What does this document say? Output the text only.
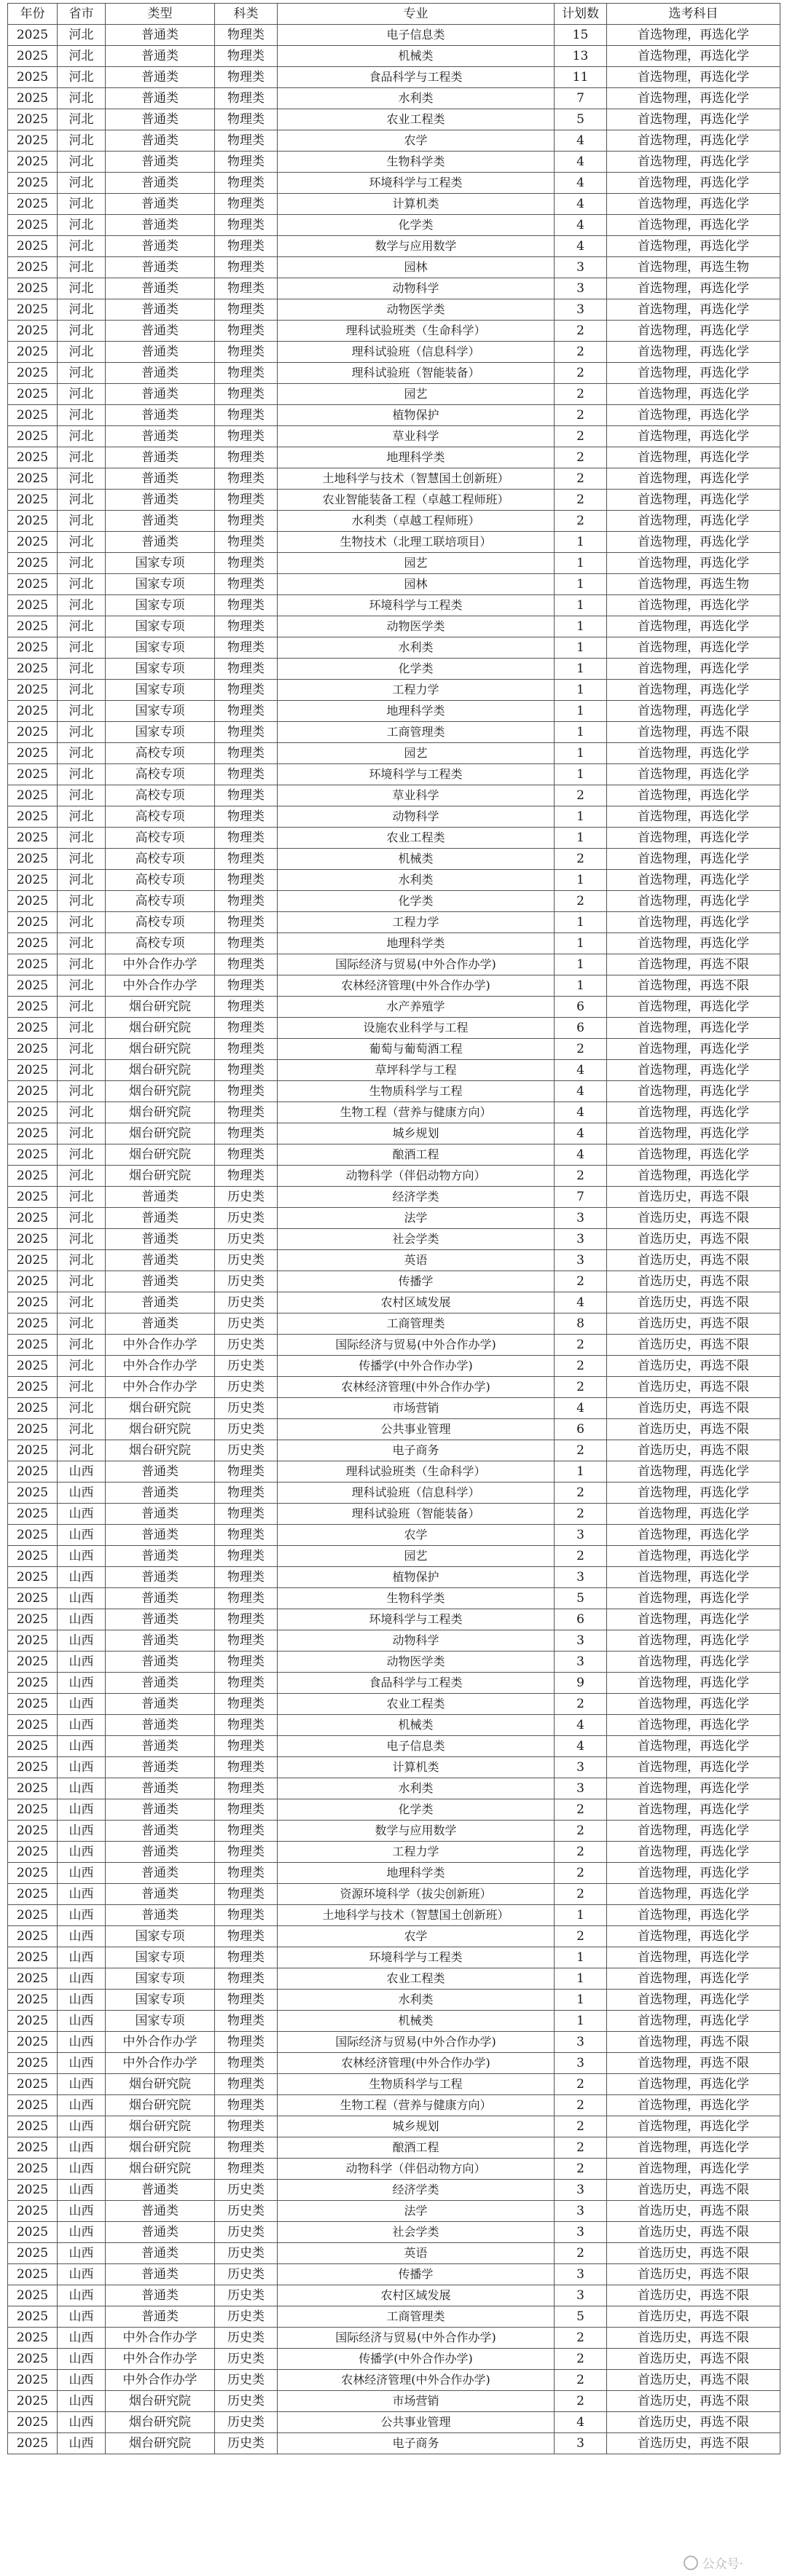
年份	省市	类型	科类	专业	计划数	选考科目
2025	河北	普通类	物理类	电子信息类	15	首选物理，再选化学
2025	河北	普通类	物理类	机械类	13	首选物理，再选化学
2025	河北	普通类	物理类	食品科学与工程类	11	首选物理，再选化学
2025	河北	普通类	物理类	水利类	7	首选物理，再选化学
2025	河北	普通类	物理类	农业工程类	5	首选物理，再选化学
2025	河北	普通类	物理类	农学	4	首选物理，再选化学
2025	河北	普通类	物理类	生物科学类	4	首选物理，再选化学
2025	河北	普通类	物理类	环境科学与工程类	4	首选物理，再选化学
2025	河北	普通类	物理类	计算机类	4	首选物理，再选化学
2025	河北	普通类	物理类	化学类	4	首选物理，再选化学
2025	河北	普通类	物理类	数学与应用数学	4	首选物理，再选化学
2025	河北	普通类	物理类	园林	3	首选物理，再选生物
2025	河北	普通类	物理类	动物科学	3	首选物理，再选化学
2025	河北	普通类	物理类	动物医学类	3	首选物理，再选化学
2025	河北	普通类	物理类	理科试验班类（生命科学）	2	首选物理，再选化学
2025	河北	普通类	物理类	理科试验班（信息科学）	2	首选物理，再选化学
2025	河北	普通类	物理类	理科试验班（智能装备）	2	首选物理，再选化学
2025	河北	普通类	物理类	园艺	2	首选物理，再选化学
2025	河北	普通类	物理类	植物保护	2	首选物理，再选化学
2025	河北	普通类	物理类	草业科学	2	首选物理，再选化学
2025	河北	普通类	物理类	地理科学类	2	首选物理，再选化学
2025	河北	普通类	物理类	土地科学与技术（智慧国土创新班）	2	首选物理，再选化学
2025	河北	普通类	物理类	农业智能装备工程（卓越工程师班）	2	首选物理，再选化学
2025	河北	普通类	物理类	水利类（卓越工程师班）	2	首选物理，再选化学
2025	河北	普通类	物理类	生物技术（北理工联培项目）	1	首选物理，再选化学
2025	河北	国家专项	物理类	园艺	1	首选物理，再选化学
2025	河北	国家专项	物理类	园林	1	首选物理，再选生物
2025	河北	国家专项	物理类	环境科学与工程类	1	首选物理，再选化学
2025	河北	国家专项	物理类	动物医学类	1	首选物理，再选化学
2025	河北	国家专项	物理类	水利类	1	首选物理，再选化学
2025	河北	国家专项	物理类	化学类	1	首选物理，再选化学
2025	河北	国家专项	物理类	工程力学	1	首选物理，再选化学
2025	河北	国家专项	物理类	地理科学类	1	首选物理，再选化学
2025	河北	国家专项	物理类	工商管理类	1	首选物理，再选不限
2025	河北	高校专项	物理类	园艺	1	首选物理，再选化学
2025	河北	高校专项	物理类	环境科学与工程类	1	首选物理，再选化学
2025	河北	高校专项	物理类	草业科学	2	首选物理，再选化学
2025	河北	高校专项	物理类	动物科学	1	首选物理，再选化学
2025	河北	高校专项	物理类	农业工程类	1	首选物理，再选化学
2025	河北	高校专项	物理类	机械类	2	首选物理，再选化学
2025	河北	高校专项	物理类	水利类	1	首选物理，再选化学
2025	河北	高校专项	物理类	化学类	2	首选物理，再选化学
2025	河北	高校专项	物理类	工程力学	1	首选物理，再选化学
2025	河北	高校专项	物理类	地理科学类	1	首选物理，再选化学
2025	河北	中外合作办学	物理类	国际经济与贸易(中外合作办学)	1	首选物理，再选不限
2025	河北	中外合作办学	物理类	农林经济管理(中外合作办学)	1	首选物理，再选不限
2025	河北	烟台研究院	物理类	水产养殖学	6	首选物理，再选化学
2025	河北	烟台研究院	物理类	设施农业科学与工程	6	首选物理，再选化学
2025	河北	烟台研究院	物理类	葡萄与葡萄酒工程	2	首选物理，再选化学
2025	河北	烟台研究院	物理类	草坪科学与工程	4	首选物理，再选化学
2025	河北	烟台研究院	物理类	生物质科学与工程	4	首选物理，再选化学
2025	河北	烟台研究院	物理类	生物工程（营养与健康方向）	4	首选物理，再选化学
2025	河北	烟台研究院	物理类	城乡规划	4	首选物理，再选化学
2025	河北	烟台研究院	物理类	酿酒工程	4	首选物理，再选化学
2025	河北	烟台研究院	物理类	动物科学（伴侣动物方向）	2	首选物理，再选化学
2025	河北	普通类	历史类	经济学类	7	首选历史，再选不限
2025	河北	普通类	历史类	法学	3	首选历史，再选不限
2025	河北	普通类	历史类	社会学类	3	首选历史，再选不限
2025	河北	普通类	历史类	英语	3	首选历史，再选不限
2025	河北	普通类	历史类	传播学	2	首选历史，再选不限
2025	河北	普通类	历史类	农村区域发展	4	首选历史，再选不限
2025	河北	普通类	历史类	工商管理类	8	首选历史，再选不限
2025	河北	中外合作办学	历史类	国际经济与贸易(中外合作办学)	2	首选历史，再选不限
2025	河北	中外合作办学	历史类	传播学(中外合作办学)	2	首选历史，再选不限
2025	河北	中外合作办学	历史类	农林经济管理(中外合作办学)	2	首选历史，再选不限
2025	河北	烟台研究院	历史类	市场营销	4	首选历史，再选不限
2025	河北	烟台研究院	历史类	公共事业管理	6	首选历史，再选不限
2025	河北	烟台研究院	历史类	电子商务	2	首选历史，再选不限
2025	山西	普通类	物理类	理科试验班类（生命科学）	1	首选物理，再选化学
2025	山西	普通类	物理类	理科试验班（信息科学）	2	首选物理，再选化学
2025	山西	普通类	物理类	理科试验班（智能装备）	2	首选物理，再选化学
2025	山西	普通类	物理类	农学	3	首选物理，再选化学
2025	山西	普通类	物理类	园艺	2	首选物理，再选化学
2025	山西	普通类	物理类	植物保护	3	首选物理，再选化学
2025	山西	普通类	物理类	生物科学类	5	首选物理，再选化学
2025	山西	普通类	物理类	环境科学与工程类	6	首选物理，再选化学
2025	山西	普通类	物理类	动物科学	3	首选物理，再选化学
2025	山西	普通类	物理类	动物医学类	3	首选物理，再选化学
2025	山西	普通类	物理类	食品科学与工程类	9	首选物理，再选化学
2025	山西	普通类	物理类	农业工程类	2	首选物理，再选化学
2025	山西	普通类	物理类	机械类	4	首选物理，再选化学
2025	山西	普通类	物理类	电子信息类	4	首选物理，再选化学
2025	山西	普通类	物理类	计算机类	3	首选物理，再选化学
2025	山西	普通类	物理类	水利类	3	首选物理，再选化学
2025	山西	普通类	物理类	化学类	2	首选物理，再选化学
2025	山西	普通类	物理类	数学与应用数学	2	首选物理，再选化学
2025	山西	普通类	物理类	工程力学	2	首选物理，再选化学
2025	山西	普通类	物理类	地理科学类	2	首选物理，再选化学
2025	山西	普通类	物理类	资源环境科学（拔尖创新班）	2	首选物理，再选化学
2025	山西	普通类	物理类	土地科学与技术（智慧国土创新班）	1	首选物理，再选化学
2025	山西	国家专项	物理类	农学	2	首选物理，再选化学
2025	山西	国家专项	物理类	环境科学与工程类	1	首选物理，再选化学
2025	山西	国家专项	物理类	农业工程类	1	首选物理，再选化学
2025	山西	国家专项	物理类	水利类	1	首选物理，再选化学
2025	山西	国家专项	物理类	机械类	1	首选物理，再选化学
2025	山西	中外合作办学	物理类	国际经济与贸易(中外合作办学)	3	首选物理，再选不限
2025	山西	中外合作办学	物理类	农林经济管理(中外合作办学)	3	首选物理，再选不限
2025	山西	烟台研究院	物理类	生物质科学与工程	2	首选物理，再选化学
2025	山西	烟台研究院	物理类	生物工程（营养与健康方向）	2	首选物理，再选化学
2025	山西	烟台研究院	物理类	城乡规划	2	首选物理，再选化学
2025	山西	烟台研究院	物理类	酿酒工程	2	首选物理，再选化学
2025	山西	烟台研究院	物理类	动物科学（伴侣动物方向）	2	首选物理，再选化学
2025	山西	普通类	历史类	经济学类	3	首选历史，再选不限
2025	山西	普通类	历史类	法学	3	首选历史，再选不限
2025	山西	普通类	历史类	社会学类	3	首选历史，再选不限
2025	山西	普通类	历史类	英语	2	首选历史，再选不限
2025	山西	普通类	历史类	传播学	3	首选历史，再选不限
2025	山西	普通类	历史类	农村区域发展	3	首选历史，再选不限
2025	山西	普通类	历史类	工商管理类	5	首选历史，再选不限
2025	山西	中外合作办学	历史类	国际经济与贸易(中外合作办学)	2	首选历史，再选不限
2025	山西	中外合作办学	历史类	传播学(中外合作办学)	2	首选历史，再选不限
2025	山西	中外合作办学	历史类	农林经济管理(中外合作办学)	2	首选历史，再选不限
2025	山西	烟台研究院	历史类	市场营销	2	首选历史，再选不限
2025	山西	烟台研究院	历史类	公共事业管理	4	首选历史，再选不限
2025	山西	烟台研究院	历史类	电子商务	3	首选历史，再选不限
公众号·
